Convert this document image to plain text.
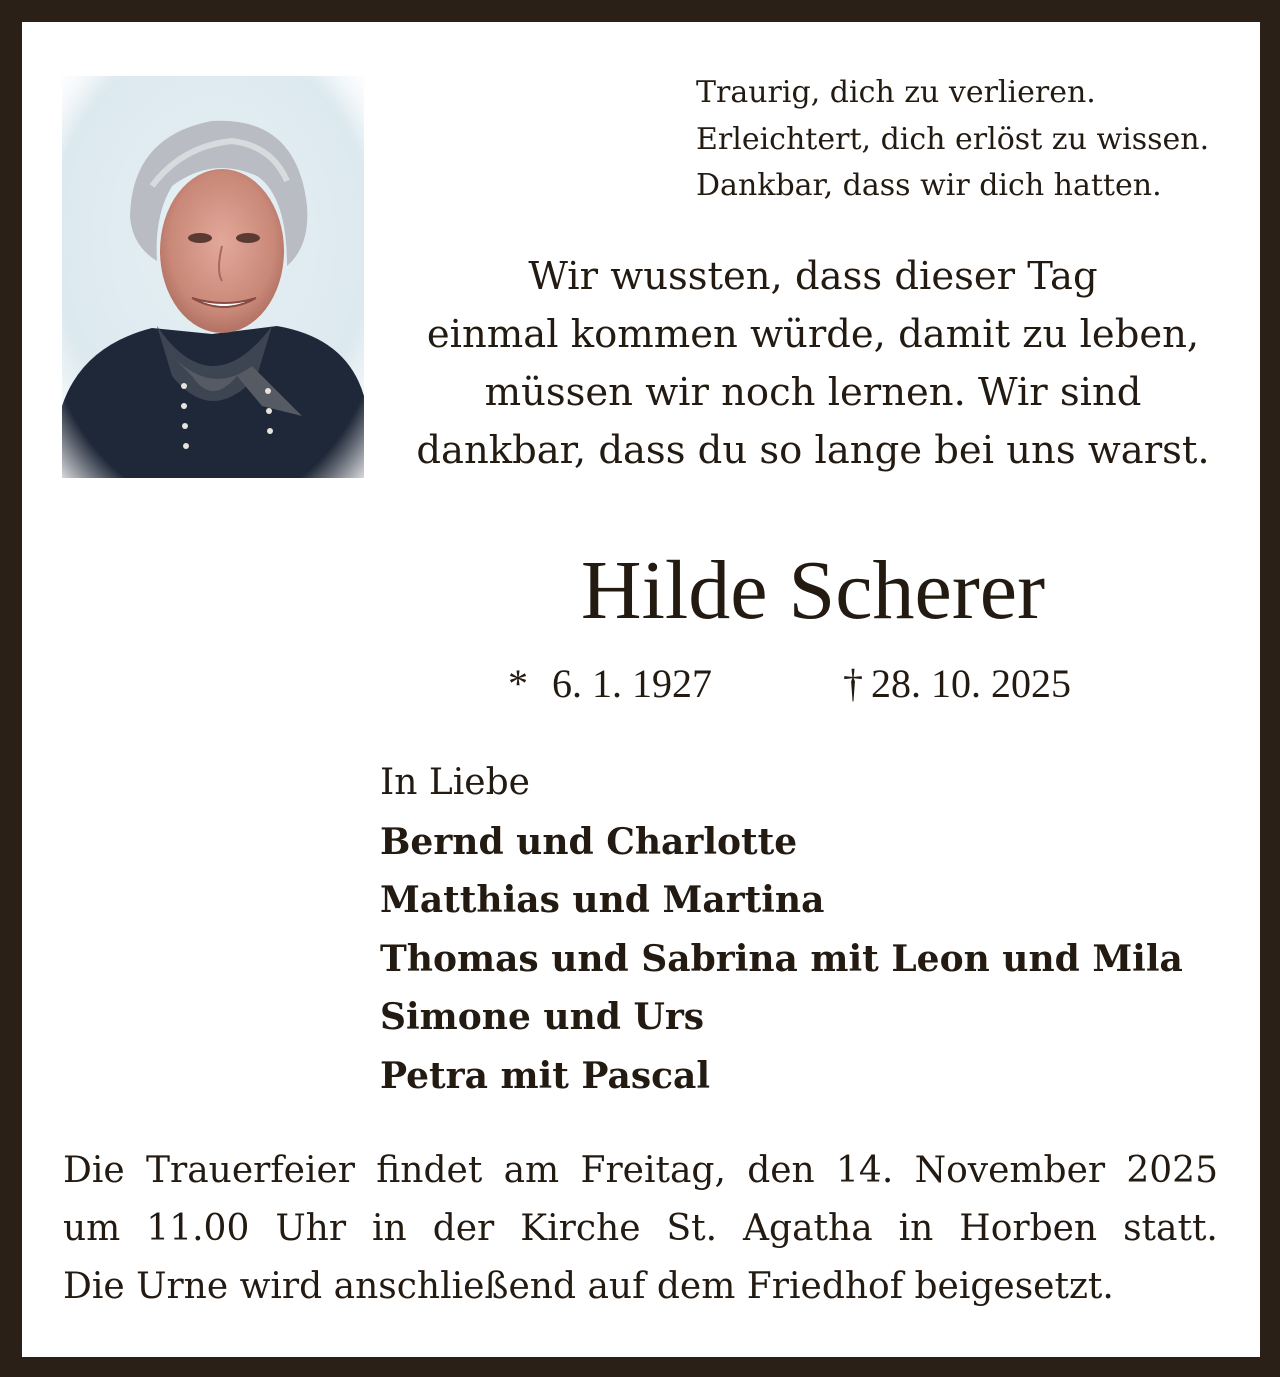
Traurig, dich zu verlieren.
Erleichtert, dich erlöst zu wissen.
Dankbar, dass wir dich hatten.
Wir wussten, dass dieser Tag
einmal kommen würde, damit zu leben,
müssen wir noch lernen. Wir sind
dankbar, dass du so lange bei uns warst.
Hilde Scherer
* 6. 1. 1927	† 28. 10. 2025
In Liebe
Bernd und Charlotte
Matthias und Martina
Thomas und Sabrina mit Leon und Mila
Simone und Urs
Petra mit Pascal
Die Trauerfeier findet am Freitag, den 14. November 2025
um 11.00 Uhr in der Kirche St. Agatha in Horben statt.
Die Urne wird anschließend auf dem Friedhof beigesetzt.
